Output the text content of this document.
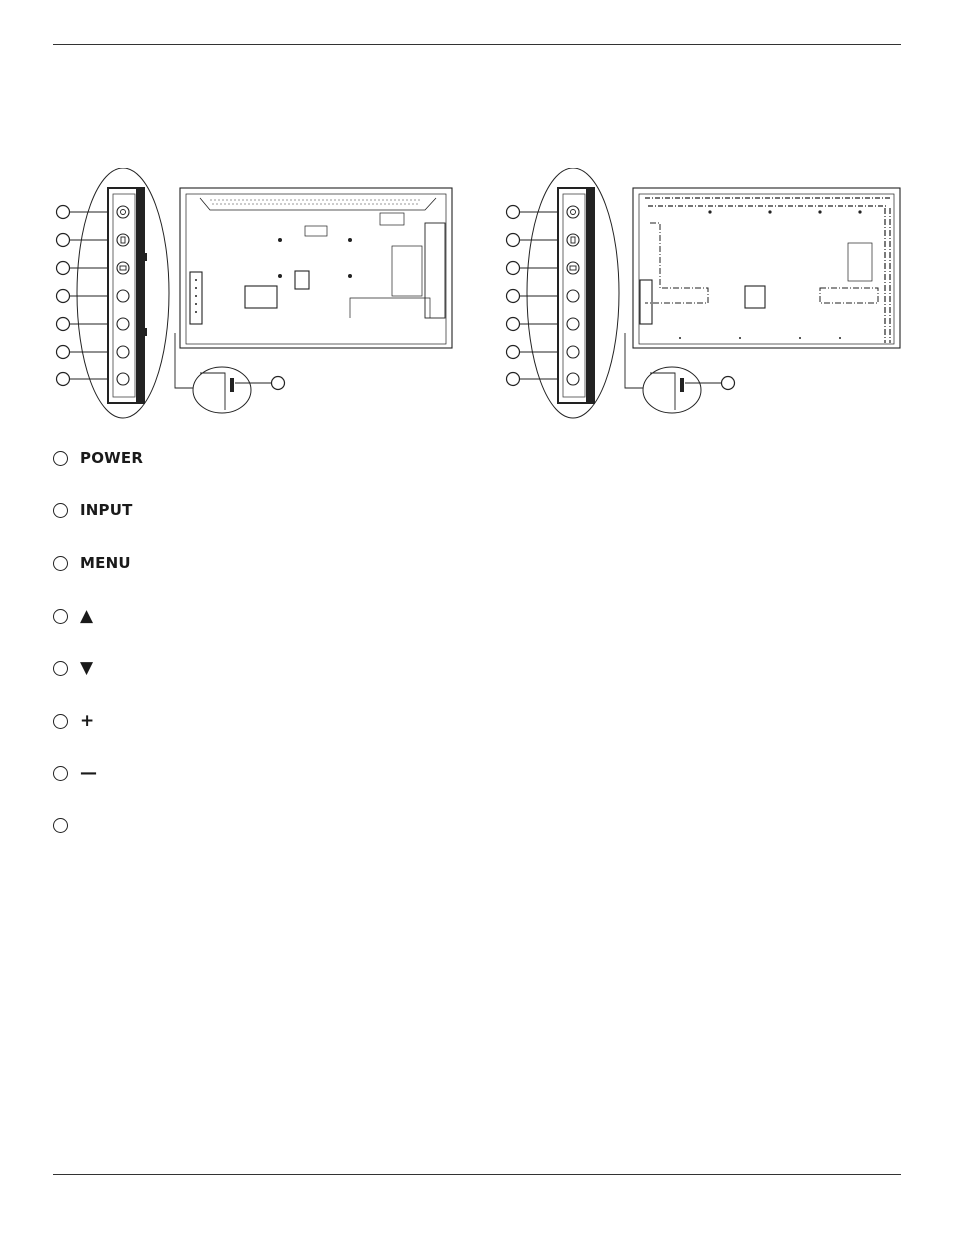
POWER
INPUT
MENU
▲
▼
+
—
